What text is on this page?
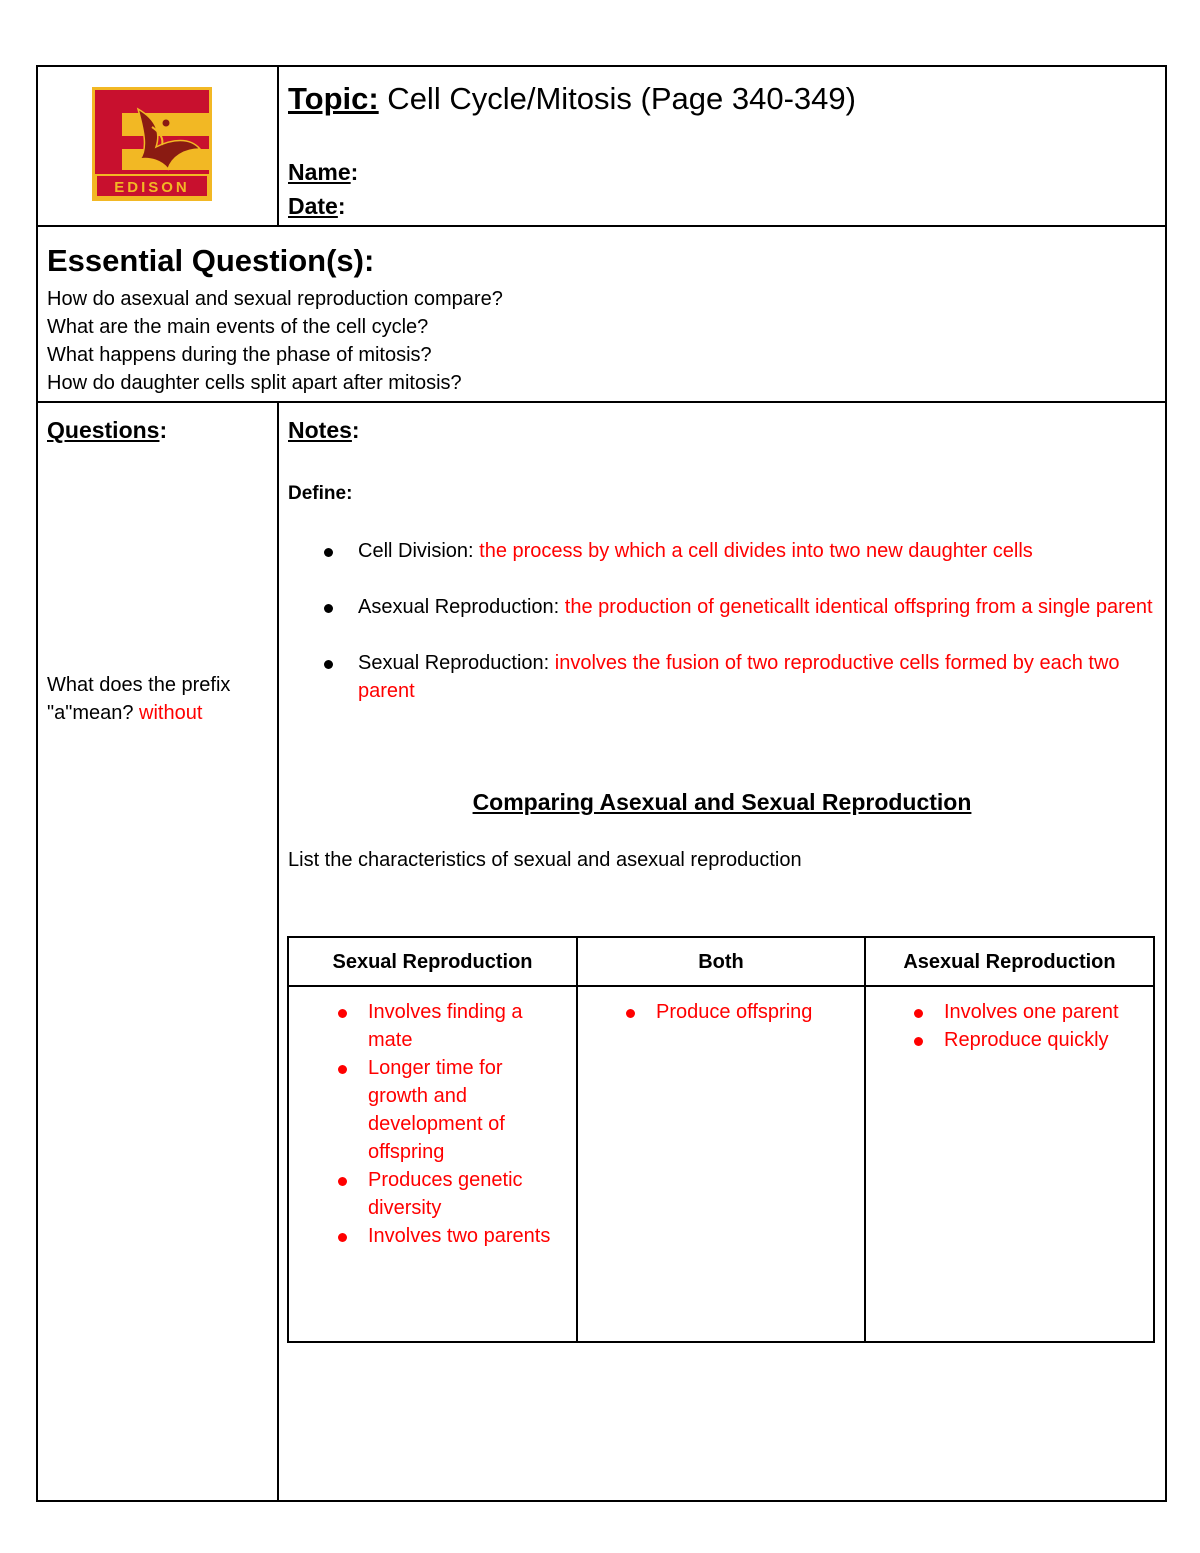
EDISON
Topic: Cell Cycle/Mitosis (Page 340-349)
Name:
Date:
Essential Question(s):
How do asexual and sexual reproduction compare?
What are the main events of the cell cycle?
What happens during the phase of mitosis?
How do daughter cells split apart after mitosis?
Questions:	Notes:
What does the prefix "a"mean? without
Define:
Cell Division: the process by which a cell divides into two new daughter cells
Asexual Reproduction: the production of geneticallt identical offspring from a single parent
Sexual Reproduction: involves the fusion of two reproductive cells formed by each two parent
Comparing Asexual and Sexual Reproduction
List the characteristics of sexual and asexual reproduction
Sexual Reproduction
Involves finding a mate
Longer time for growth and development of offspring
Produces genetic diversity
Involves two parents
Both
Produce offspring
Asexual Reproduction
Involves one parent
Reproduce quickly
